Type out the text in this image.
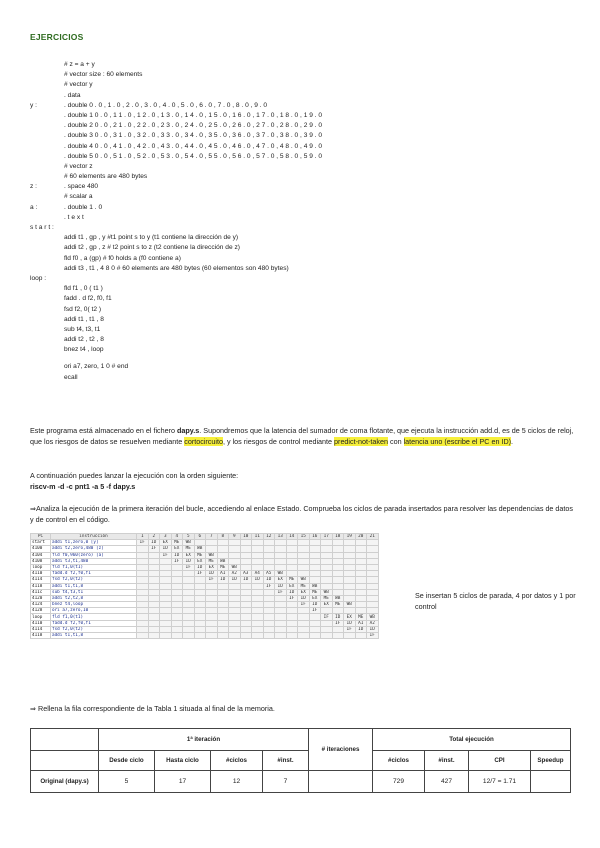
EJERCICIOS
# z = a + y
# vector size : 60 elements
# vector y
. data
y :	. double 0 . 0 , 1 . 0 , 2 . 0 , 3 . 0 , 4 . 0 , 5 . 0 , 6 . 0 , 7 . 0 , 8 . 0 , 9 . 0
. double 1 0 . 0 , 1 1 . 0 , 1 2 . 0 , 1 3 . 0 , 1 4 . 0 , 1 5 . 0 , 1 6 . 0 , 1 7 . 0 , 1 8 . 0 , 1 9 . 0
. double 2 0 . 0 , 2 1 . 0 , 2 2 . 0 , 2 3 . 0 , 2 4 . 0 , 2 5 . 0 , 2 6 . 0 , 2 7 . 0 , 2 8 . 0 , 2 9 . 0
. double 3 0 . 0 , 3 1 . 0 , 3 2 . 0 , 3 3 . 0 , 3 4 . 0 , 3 5 . 0 , 3 6 . 0 , 3 7 . 0 , 3 8 . 0 , 3 9 . 0
. double 4 0 . 0 , 4 1 . 0 , 4 2 . 0 , 4 3 . 0 , 4 4 . 0 , 4 5 . 0 , 4 6 . 0 , 4 7 . 0 , 4 8 . 0 , 4 9 . 0
. double 5 0 . 0 , 5 1 . 0 , 5 2 . 0 , 5 3 . 0 , 5 4 . 0 , 5 5 . 0 , 5 6 . 0 , 5 7 . 0 , 5 8 . 0 , 5 9 . 0
# vector z
# 60 elements are 480 bytes
z :	. space 480
# scalar a
a :	. double 1 . 0
. t e x t
s t a r t :
addi t1 , gp , y #t1 point s to y (t1 contiene la dirección de y)
addi t2 , gp , z # t2 point s to z (t2 contiene la dirección de z)
fld f0 , a (gp) # f0 holds a (f0 contiene a)
addi t3 , t1 , 4 8 0 # 60 elements are 480 bytes (60 elementos son 480 bytes)
loop :
fld f1 , 0 ( t1 )
fadd . d f2, f0, f1
fsd f2, 0( t2 )
addi t1 , t1 , 8
sub t4, t3, t1
addi t2 , t2 , 8
bnez t4 , loop
ori a7, zero, 1 0 # end
ecall
Este programa está almacenado en el fichero dapy.s. Supondremos que la latencia del sumador de coma flotante, que ejecuta la instrucción add.d, es de 5 ciclos de reloj, que los riesgos de datos se resuelven mediante cortocircuito, y los riesgos de control mediante predict-not-taken con latencia uno (escribe el PC en ID).
A continuación puedes lanzar la ejecución con la orden siguiente:
riscv-m -d -c pnt1 -a 5 -f dapy.s
⇒Analiza la ejecución de la primera iteración del bucle, accediendo al enlace Estado. Comprueba los ciclos de parada insertados para resolver las dependencias de datos y de control en el código.
PC	instrucción	1	2	3	4	5	6	7	8	9	10	11	12	13	14	15	16	17	18	19	20	21
start	addi t1,zero,0 [y]	IF	ID	EX	ME	WB																
4100	addi t2,zero,480 [z]		IF	ID	EX	ME	WB															
4104	fld f0,960(zero) [a]			IF	ID	EX	ME	WB														
4108	addi t3,t1,480				IF	ID	EX	ME	WB													
loop	fld f1,0(t1)					IF	ID	EX	ME	WB												
4110	fadd.d f2,f0,f1						IF	ID	A1	A2	A3	A4	A5	WB								
4114	fsd f2,0(t2)							IF	ID	ID	ID	ID	ID	EX	ME	WB						
4118	addi t1,t1,8												IF	ID	EX	ME	WB					
411c	sub t4,t3,t1													IF	ID	EX	ME	WB				
4120	addi t2,t2,8														IF	ID	EX	ME	WB			
4124	bnez t4,loop															IF	ID	EX	ME	WB		
4128	ori a7,zero,10																IF					
loop	fld f1,0(t1)																	IF	ID	EX	ME	WB
4110	fadd.d f2,f0,f1																		IF	ID	A1	A2
4114	fsd f2,0(t2)																			IF	ID	ID
4118	addi t1,t1,8																					IF
Se insertan 5 ciclos de parada, 4 por datos y 1 por control
⇒ Rellena la fila correspondiente de la Tabla 1 situada al final de la memoria.
	1ª iteración				# iteraciones	Total ejecución			
	Desde ciclo	Hasta ciclo	#ciclos	#inst.		#ciclos	#inst.	CPI	Speedup
Original (dapy.s)	5	17	12	7		729	427	12/7 = 1.71	
